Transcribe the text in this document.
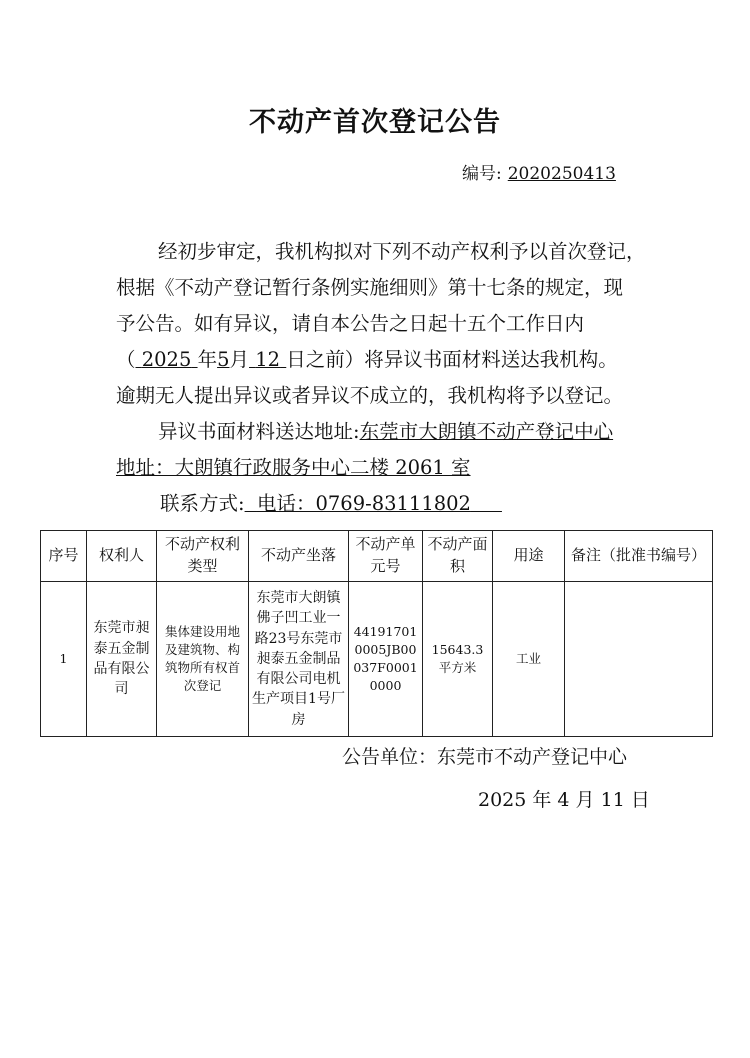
不动产首次登记公告
编号: 2020250413
经初步审定，我机构拟对下列不动产权利予以首次登记，
根据《不动产登记暂行条例实施细则》第十七条的规定，现
予公告。如有异议，请自本公告之日起十五个工作日内
（ 2025 年5月 12 日之前）将异议书面材料送达我机构。
逾期无人提出异议或者异议不成立的，我机构将予以登记。
异议书面材料送达地址:东莞市大朗镇不动产登记中心
地址：大朗镇行政服务中心二楼 2061 室
联系方式: 电话：0769-83111802
序号	权利人	不动产权利类型	不动产坐落	不动产单元号	不动产面积	用途	备注（批准书编号）
1	东莞市昶泰五金制品有限公司	集体建设用地及建筑物、构筑物所有权首次登记	东莞市大朗镇佛子凹工业一路23号东莞市昶泰五金制品有限公司电机生产项目1号厂房	441917010005JB00037F00010000	15643.3平方米	工业	
公告单位：东莞市不动产登记中心
2025 年 4 月 11 日
